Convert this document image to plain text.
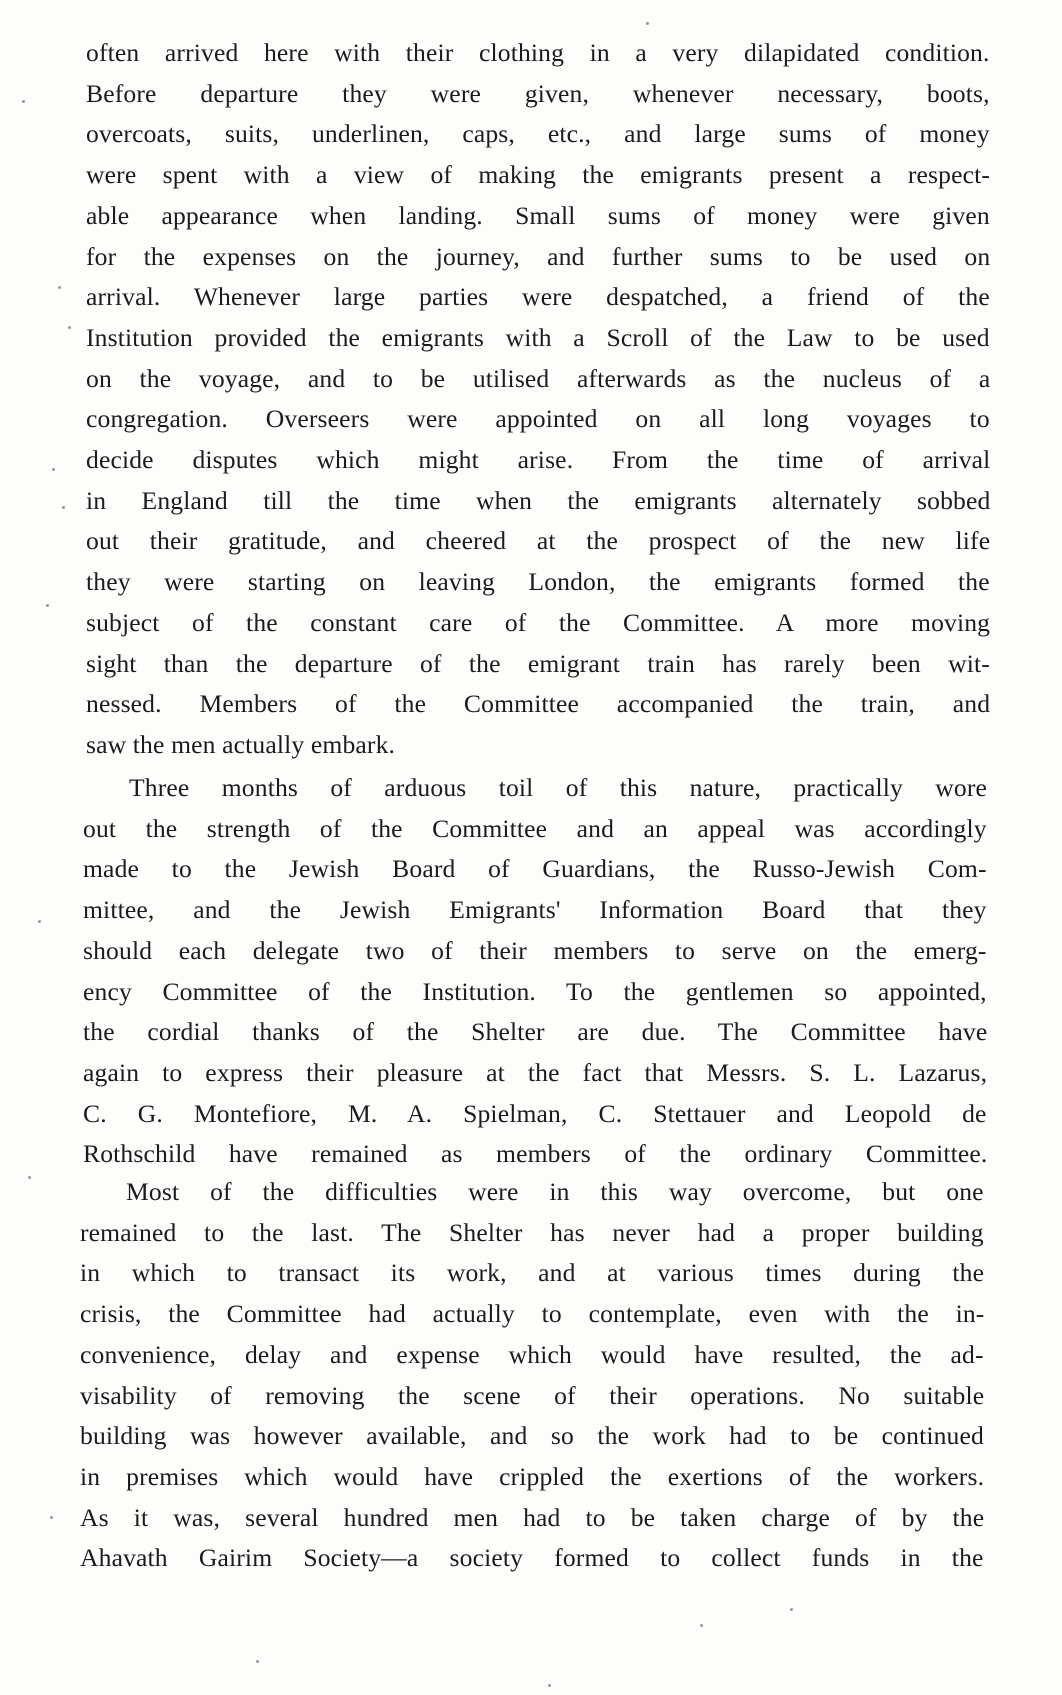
often arrived here with their clothing in a very dilapidated condition.
Before departure they were given, whenever necessary, boots,
overcoats, suits, underlinen, caps, etc., and large sums of money
were spent with a view of making the emigrants present a respect-
able appearance when landing. Small sums of money were given
for the expenses on the journey, and further sums to be used on
arrival. Whenever large parties were despatched, a friend of the
Institution provided the emigrants with a Scroll of the Law to be used
on the voyage, and to be utilised afterwards as the nucleus of a
congregation. Overseers were appointed on all long voyages to
decide disputes which might arise. From the time of arrival
in England till the time when the emigrants alternately sobbed
out their gratitude, and cheered at the prospect of the new life
they were starting on leaving London, the emigrants formed the
subject of the constant care of the Committee. A more moving
sight than the departure of the emigrant train has rarely been wit-
nessed. Members of the Committee accompanied the train, and
saw the men actually embark.

Three months of arduous toil of this nature, practically wore
out the strength of the Committee and an appeal was accordingly
made to the Jewish Board of Guardians, the Russo-Jewish Com-
mittee, and the Jewish Emigrants' Information Board that they
should each delegate two of their members to serve on the emerg-
ency Committee of the Institution. To the gentlemen so appointed,
the cordial thanks of the Shelter are due. The Committee have
again to express their pleasure at the fact that Messrs. S. L. Lazarus,
C. G. Montefiore, M. A. Spielman, C. Stettauer and Leopold de
Rothschild have remained as members of the ordinary Committee.

Most of the difficulties were in this way overcome, but one
remained to the last. The Shelter has never had a proper building
in which to transact its work, and at various times during the
crisis, the Committee had actually to contemplate, even with the in-
convenience, delay and expense which would have resulted, the ad-
visability of removing the scene of their operations. No suitable
building was however available, and so the work had to be continued
in premises which would have crippled the exertions of the workers.
As it was, several hundred men had to be taken charge of by the
Ahavath Gairim Society—a society formed to collect funds in the
